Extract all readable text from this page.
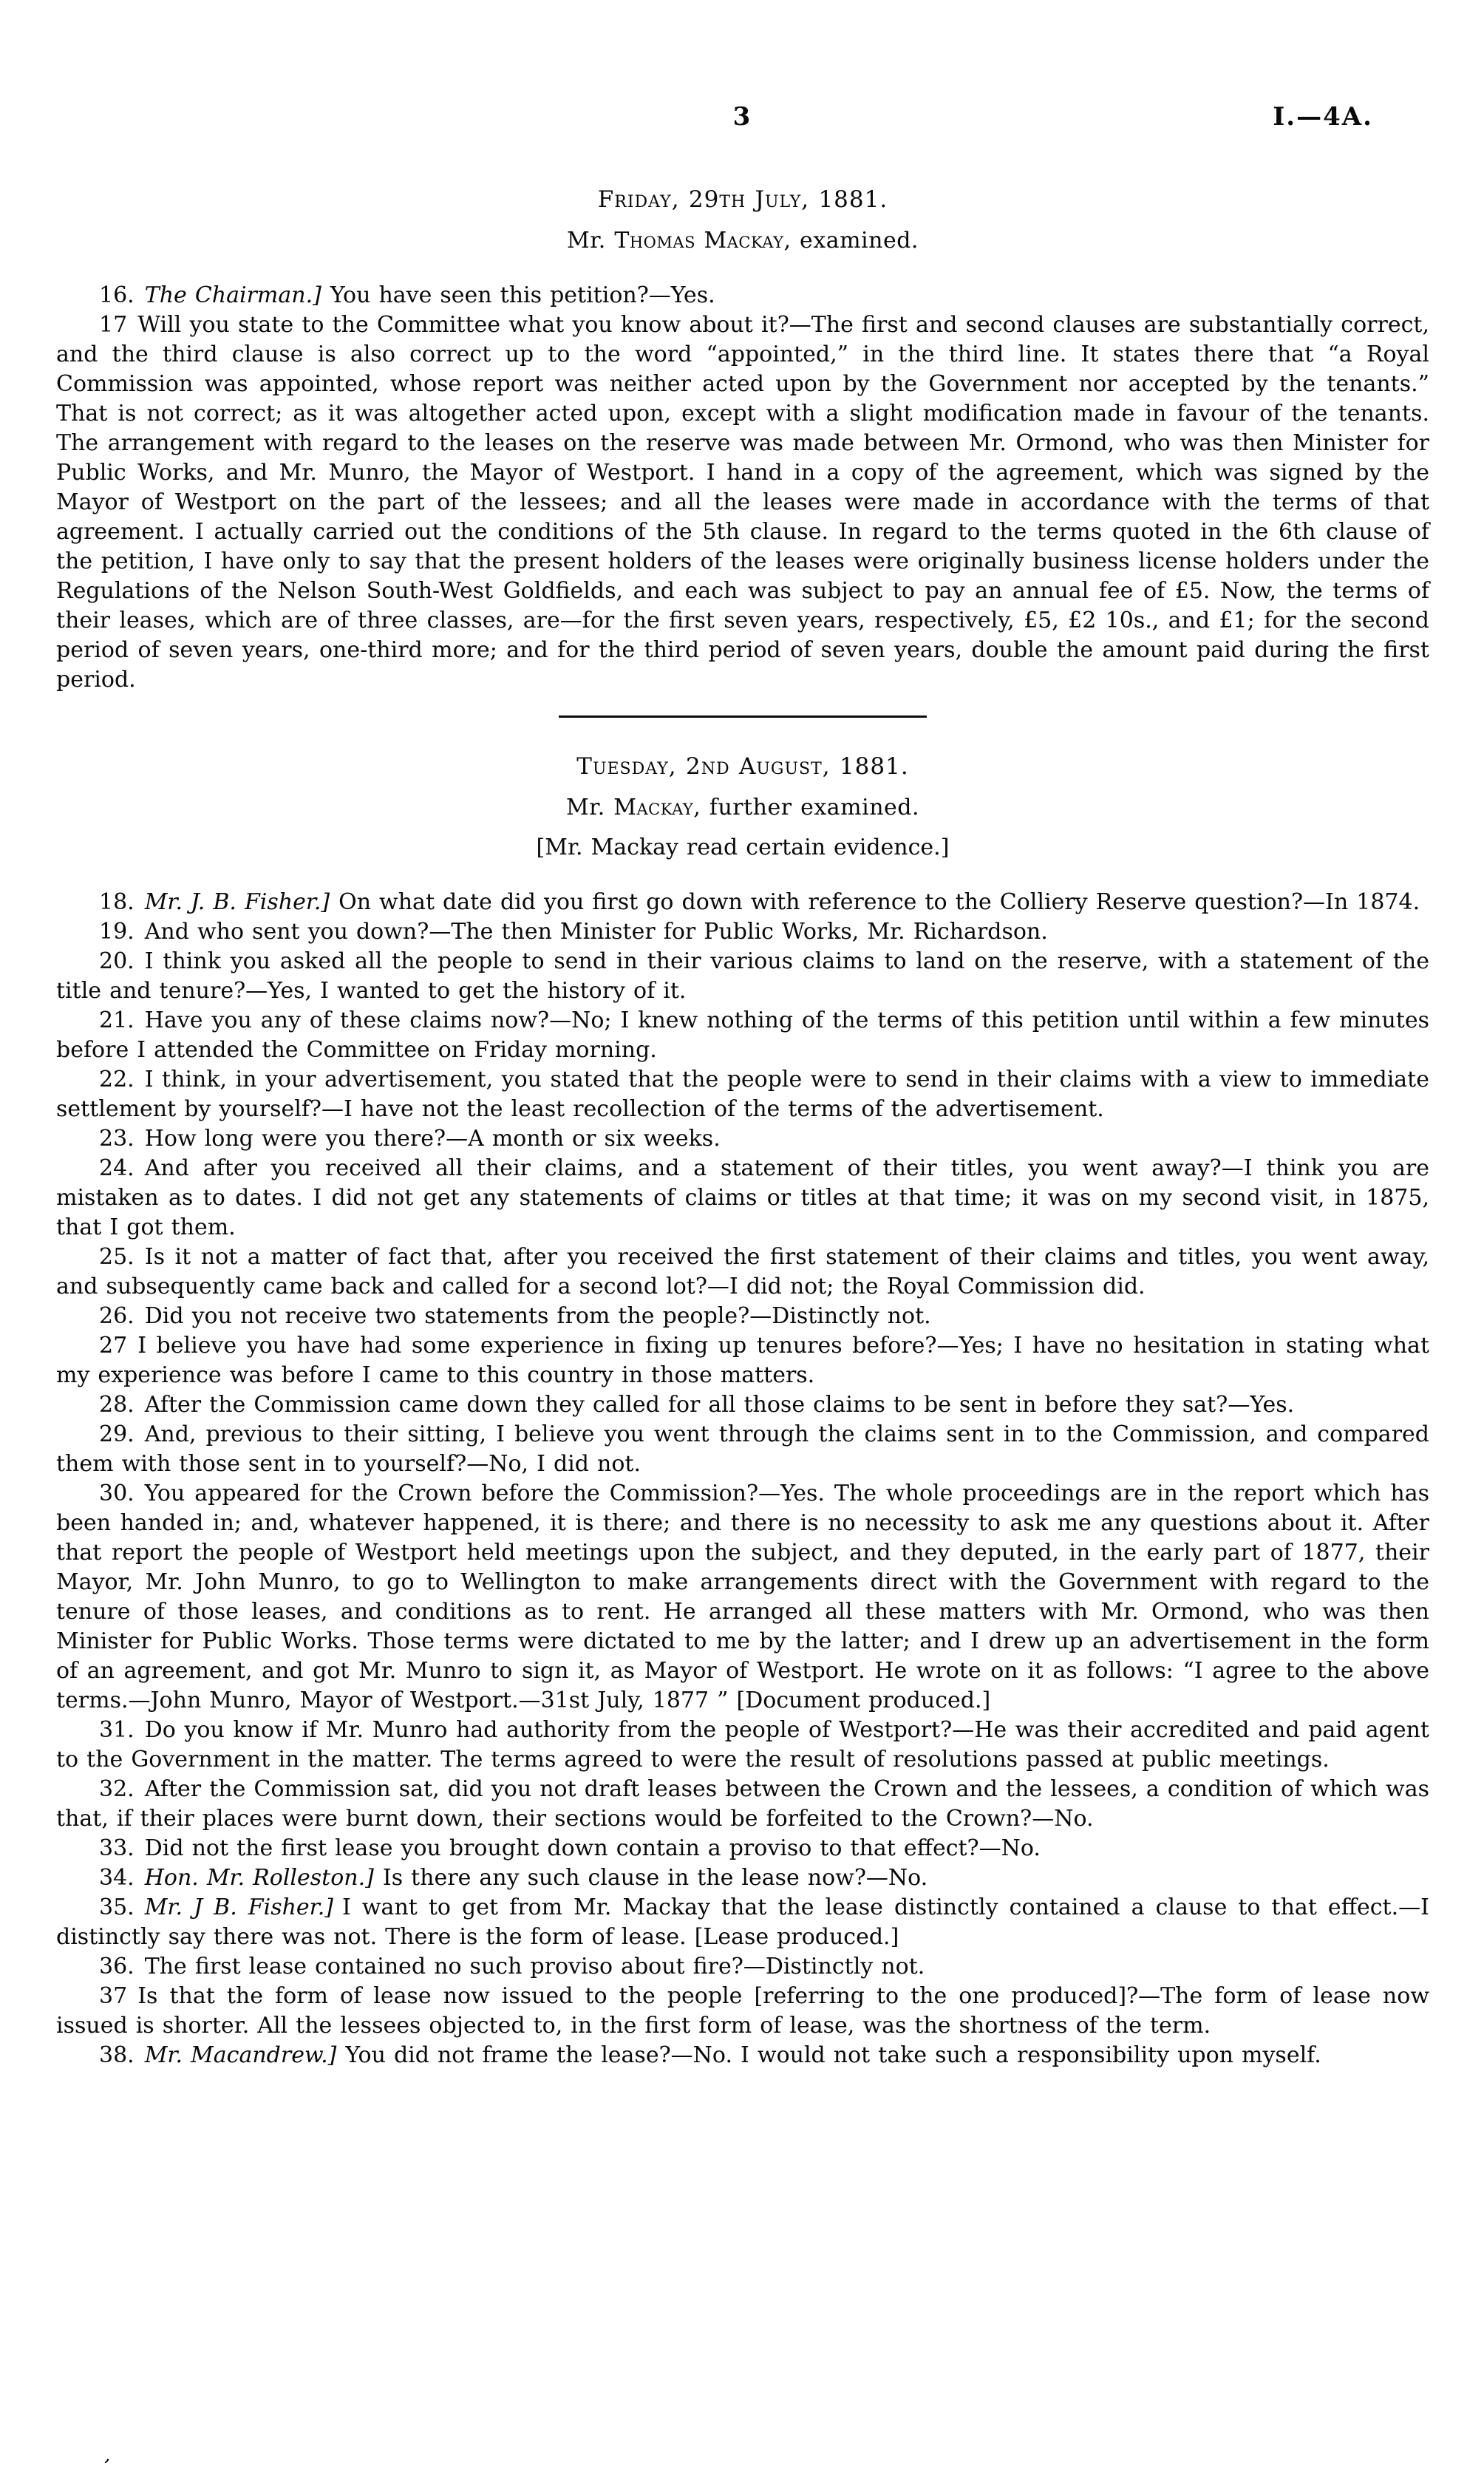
3	I.—4A.
Friday, 29th July, 1881.
Mr. Thomas Mackay, examined.

16. The Chairman.] You have seen this petition?—Yes.

17 Will you state to the Committee what you know about it?—The first and second clauses are substantially correct, and the third clause is also correct up to the word “appointed,” in the third line. It states there that “a Royal Commission was appointed, whose report was neither acted upon by the Government nor accepted by the tenants.” That is not correct; as it was altogether acted upon, except with a slight modification made in favour of the tenants. The arrangement with regard to the leases on the reserve was made between Mr. Ormond, who was then Minister for Public Works, and Mr. Munro, the Mayor of Westport. I hand in a copy of the agreement, which was signed by the Mayor of Westport on the part of the lessees; and all the leases were made in accordance with the terms of that agreement. I actually carried out the conditions of the 5th clause. In regard to the terms quoted in the 6th clause of the petition, I have only to say that the present holders of the leases were originally business license holders under the Regulations of the Nelson South-West Goldfields, and each was subject to pay an annual fee of £5. Now, the terms of their leases, which are of three classes, are—for the first seven years, respectively, £5, £2 10s., and £1; for the second period of seven years, one-third more; and for the third period of seven years, double the amount paid during the first period.

Tuesday, 2nd August, 1881.
Mr. Mackay, further examined.

[Mr. Mackay read certain evidence.]

18. Mr. J. B. Fisher.] On what date did you first go down with reference to the Colliery Reserve question?—In 1874.

19. And who sent you down?—The then Minister for Public Works, Mr. Richardson.

20. I think you asked all the people to send in their various claims to land on the reserve, with a statement of the title and tenure?—Yes, I wanted to get the history of it.

21. Have you any of these claims now?—No; I knew nothing of the terms of this petition until within a few minutes before I attended the Committee on Friday morning.

22. I think, in your advertisement, you stated that the people were to send in their claims with a view to immediate settlement by yourself?—I have not the least recollection of the terms of the advertisement.

23. How long were you there?—A month or six weeks.

24. And after you received all their claims, and a statement of their titles, you went away?—I think you are mistaken as to dates. I did not get any statements of claims or titles at that time; it was on my second visit, in 1875, that I got them.

25. Is it not a matter of fact that, after you received the first statement of their claims and titles, you went away, and subsequently came back and called for a second lot?—I did not; the Royal Commission did.

26. Did you not receive two statements from the people?—Distinctly not.

27 I believe you have had some experience in fixing up tenures before?—Yes; I have no hesitation in stating what my experience was before I came to this country in those matters.

28. After the Commission came down they called for all those claims to be sent in before they sat?—Yes.

29. And, previous to their sitting, I believe you went through the claims sent in to the Commission, and compared them with those sent in to yourself?—No, I did not.

30. You appeared for the Crown before the Commission?—Yes. The whole proceedings are in the report which has been handed in; and, whatever happened, it is there; and there is no necessity to ask me any questions about it. After that report the people of Westport held meetings upon the subject, and they deputed, in the early part of 1877, their Mayor, Mr. John Munro, to go to Wellington to make arrangements direct with the Government with regard to the tenure of those leases, and conditions as to rent. He arranged all these matters with Mr. Ormond, who was then Minister for Public Works. Those terms were dictated to me by the latter; and I drew up an advertisement in the form of an agreement, and got Mr. Munro to sign it, as Mayor of Westport. He wrote on it as follows: “I agree to the above terms.—John Munro, Mayor of Westport.—31st July, 1877 ” [Document produced.]

31. Do you know if Mr. Munro had authority from the people of Westport?—He was their accredited and paid agent to the Government in the matter. The terms agreed to were the result of resolutions passed at public meetings.

32. After the Commission sat, did you not draft leases between the Crown and the lessees, a condition of which was that, if their places were burnt down, their sections would be forfeited to the Crown?—No.

33. Did not the first lease you brought down contain a proviso to that effect?—No.

34. Hon. Mr. Rolleston.] Is there any such clause in the lease now?—No.

35. Mr. J B. Fisher.] I want to get from Mr. Mackay that the lease distinctly contained a clause to that effect.—I distinctly say there was not. There is the form of lease. [Lease produced.]

36. The first lease contained no such proviso about fire?—Distinctly not.

37 Is that the form of lease now issued to the people [referring to the one produced]?—The form of lease now issued is shorter. All the lessees objected to, in the first form of lease, was the shortness of the term.

38. Mr. Macandrew.] You did not frame the lease?—No. I would not take such a responsibility upon myself.

’
